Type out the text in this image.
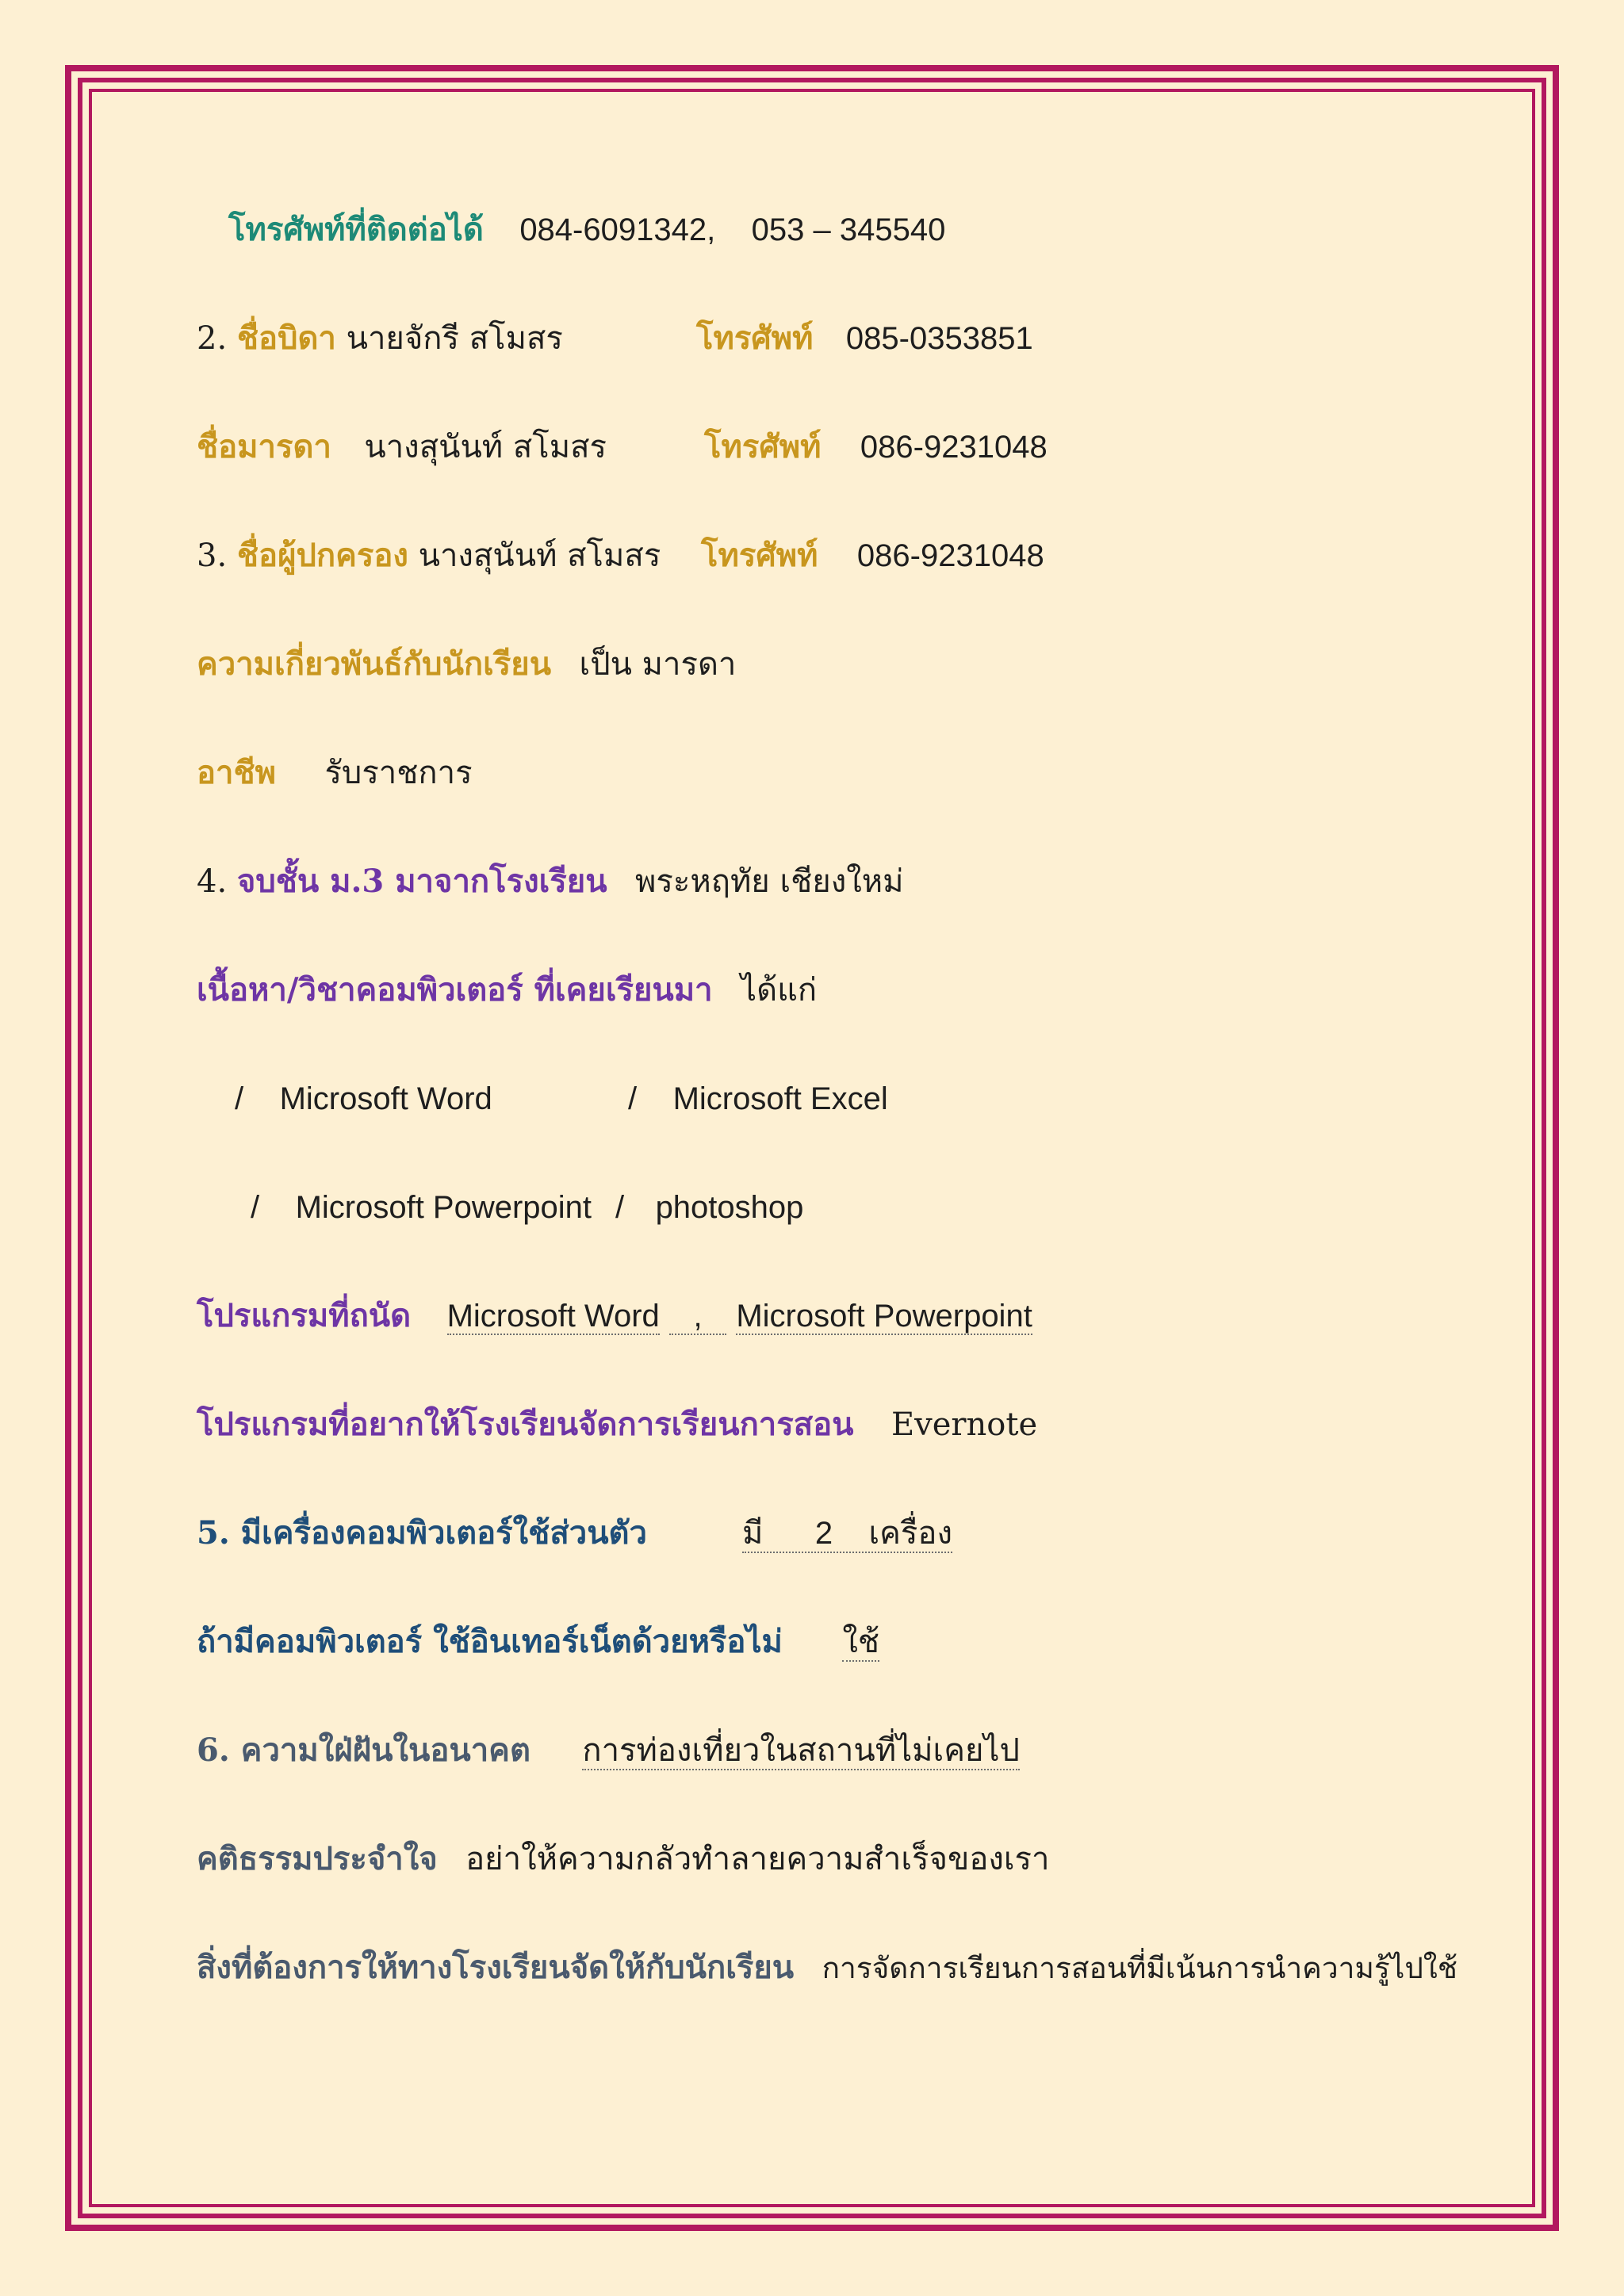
โทรศัพท์ที่ติดต่อได้ 084-6091342, 053 – 345540
2. ชื่อบิดา นายจักรี สโมสร	โทรศัพท์ 085-0353851
ชื่อมารดา นางสุนันท์ สโมสร	โทรศัพท์ 086-9231048
3. ชื่อผู้ปกครอง นางสุนันท์ สโมสร โทรศัพท์ 086-9231048
ความเกี่ยวพันธ์กับนักเรียน เป็น มารดา
อาชีพ รับราชการ
4. จบชั้น ม.3 มาจากโรงเรียน พระหฤทัย เชียงใหม่
เนื้อหา/วิชาคอมพิวเตอร์ ที่เคยเรียนมา ได้แก่
/ Microsoft Word	/ Microsoft Excel
/ Microsoft Powerpoint / photoshop
โปรแกรมที่ถนัด Microsoft Word , Microsoft Powerpoint
โปรแกรมที่อยากให้โรงเรียนจัดการเรียนการสอน Evernote
5. มีเครื่องคอมพิวเตอร์ใช้ส่วนตัว	มี 2 เครื่อง
ถ้ามีคอมพิวเตอร์ ใช้อินเทอร์เน็ตด้วยหรือไม่ ใช้
6. ความใฝ่ฝันในอนาคต การท่องเที่ยวในสถานที่ไม่เคยไป
คติธรรมประจำใจ อย่าให้ความกลัวทำลายความสำเร็จของเรา
สิ่งที่ต้องการให้ทางโรงเรียนจัดให้กับนักเรียน การจัดการเรียนการสอนที่มีเน้นการนำความรู้ไปใช้
